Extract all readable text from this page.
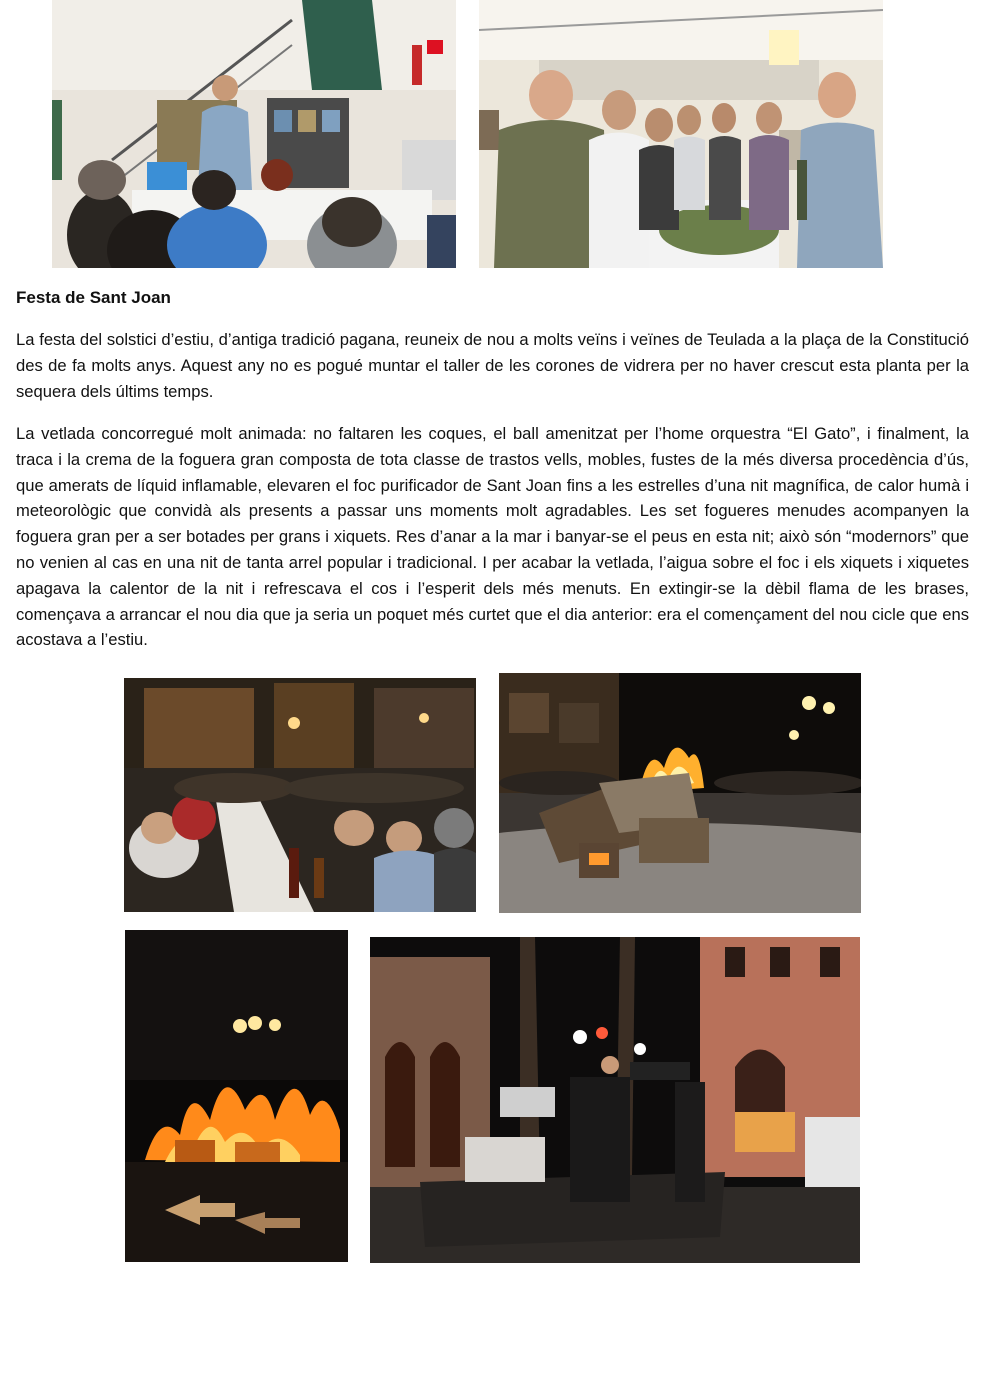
Festa de Sant Joan

La festa del solstici d’estiu, d’antiga tradició pagana, reuneix de nou a molts veïns i veïnes de Teulada a la plaça de la Constitució des de fa molts anys. Aquest any no es pogué muntar el taller de les corones de vidrera per no haver crescut esta planta per la sequera dels últims temps.

La vetlada concorregué molt animada: no faltaren les coques, el ball amenitzat per l’home orquestra “El Gato”, i finalment, la traca i la crema de la foguera gran composta de tota classe de trastos vells, mobles, fustes de la més diversa procedència d’ús, que amerats de líquid inflamable, elevaren el foc purificador de Sant Joan fins a les estrelles d’una nit magnífica, de calor humà i meteorològic que convidà als presents a passar uns moments molt agradables. Les set fogueres menudes acompanyen la foguera gran per a ser botades per grans i xiquets. Res d’anar a la mar i banyar-se el peus en esta nit; això són “modernors” que no venien al cas en una nit de tanta arrel popular i tradicional. I per acabar la vetlada, l’aigua sobre el foc i els xiquets i xiquetes apagava la calentor de la nit i refrescava el cos i l’esperit dels més menuts. En extingir-se la dèbil flama de les brases, començava a arrancar el nou dia que ja seria un poquet més curtet que el dia anterior: era el començament del nou cicle que ens acostava a l’estiu.
